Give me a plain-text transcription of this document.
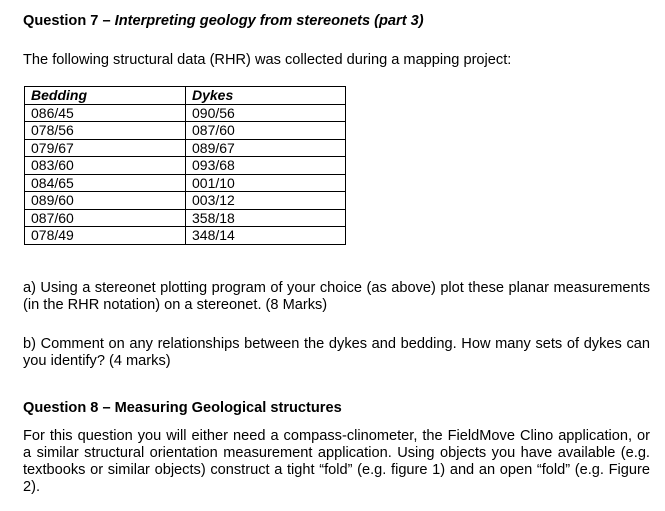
Question 7 – Interpreting geology from stereonets (part 3)
The following structural data (RHR) was collected during a mapping project:
Bedding	Dykes
086/45	090/56
078/56	087/60
079/67	089/67
083/60	093/68
084/65	001/10
089/60	003/12
087/60	358/18
078/49	348/14
a) Using a stereonet plotting program of your choice (as above) plot these planar measurements (in the RHR notation) on a stereonet. (8 Marks)
b) Comment on any relationships between the dykes and bedding. How many sets of dykes can you identify? (4 marks)
Question 8 – Measuring Geological structures
For this question you will either need a compass-clinometer, the FieldMove Clino application, or a similar structural orientation measurement application. Using objects you have available (e.g. textbooks or similar objects) construct a tight “fold” (e.g. figure 1) and an open “fold” (e.g. Figure 2).
